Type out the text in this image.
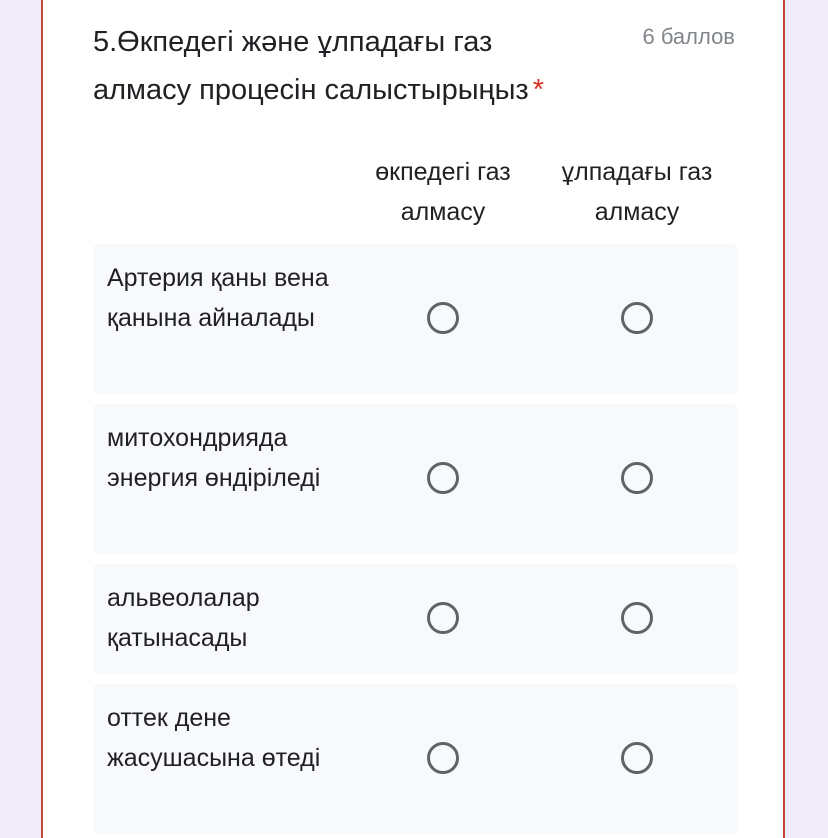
5.Өкпедегі және ұлпадағы газ алмасу процесін салыстырыңыз *
6 баллов
өкпедегі газ алмасу
ұлпадағы газ алмасу
Артерия қаны вена қанына айналады
митохондрияда энергия өндіріледі
альвеолалар қатынасады
оттек дене жасушасына өтеді
